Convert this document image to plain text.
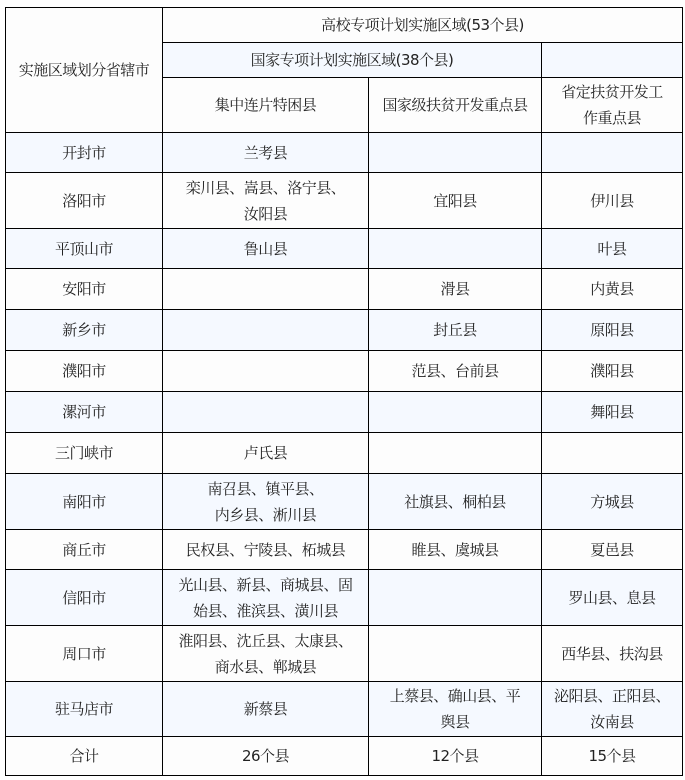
实施区域划分省辖市	高校专项计划实施区域(53个县)		
	国家专项计划实施区域(38个县)		
	集中连片特困县	国家级扶贫开发重点县	省定扶贫开发工作重点县
开封市	兰考县		
洛阳市	栾川县、嵩县、洛宁县、汝阳县	宜阳县	伊川县
平顶山市	鲁山县		叶县
安阳市		滑县	内黄县
新乡市		封丘县	原阳县
濮阳市		范县、台前县	濮阳县
漯河市			舞阳县
三门峡市	卢氏县		
南阳市	南召县、镇平县、内乡县、淅川县	社旗县、桐柏县	方城县
商丘市	民权县、宁陵县、柘城县	睢县、虞城县	夏邑县
信阳市	光山县、新县、商城县、固始县、淮滨县、潢川县		罗山县、息县
周口市	淮阳县、沈丘县、太康县、商水县、郸城县		西华县、扶沟县
驻马店市	新蔡县	上蔡县、确山县、平舆县	泌阳县、正阳县、汝南县
合计	26个县	12个县	15个县
